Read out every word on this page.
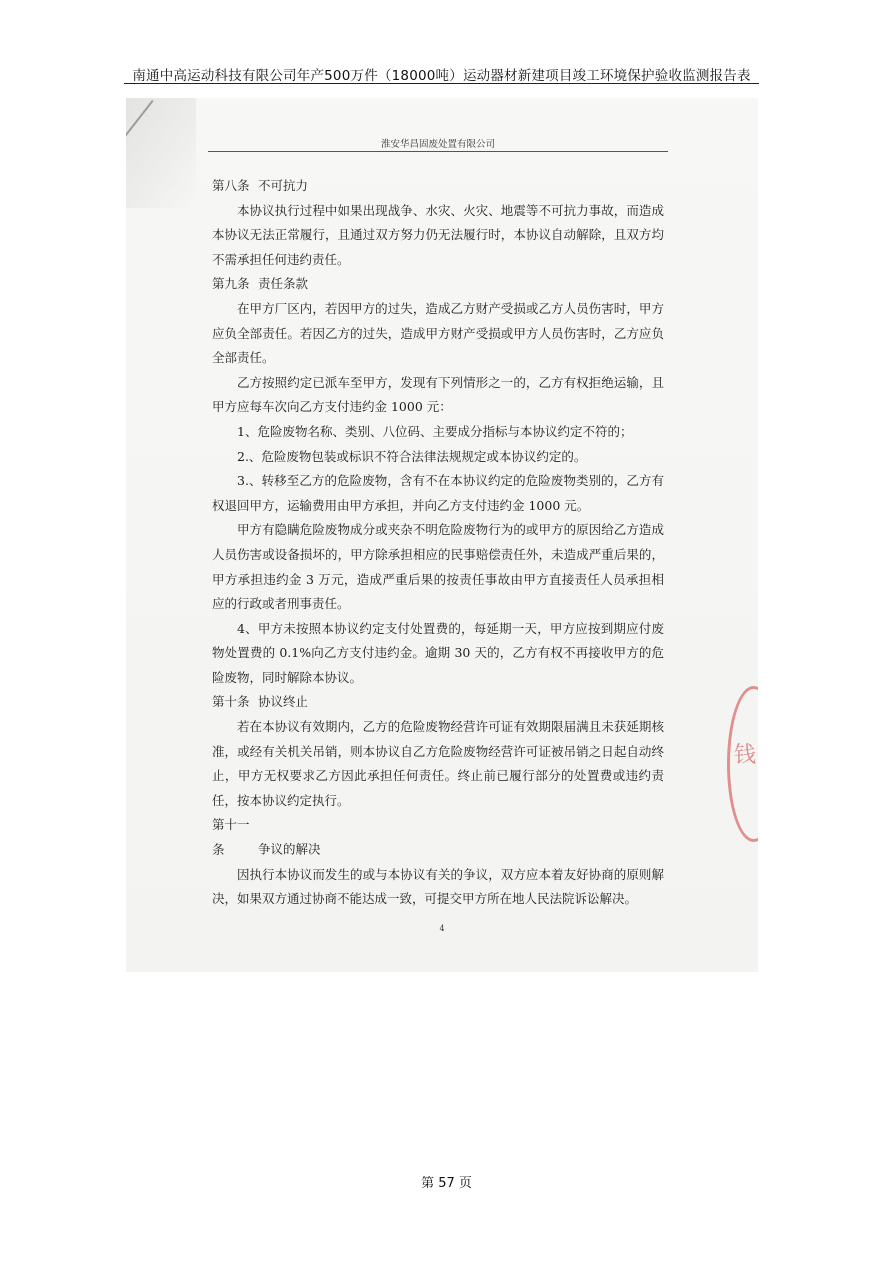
南通中高运动科技有限公司年产500万件（18000吨）运动器材新建项目竣工环境保护验收监测报告表
钱
淮安华昌固废处置有限公司

第八条 不可抗力

本协议执行过程中如果出现战争、水灾、火灾、地震等不可抗力事故，而造成本协议无法正常履行，且通过双方努力仍无法履行时，本协议自动解除，且双方均不需承担任何违约责任。

第九条 责任条款

在甲方厂区内，若因甲方的过失，造成乙方财产受损或乙方人员伤害时，甲方应负全部责任。若因乙方的过失，造成甲方财产受损或甲方人员伤害时，乙方应负全部责任。

乙方按照约定已派车至甲方，发现有下列情形之一的，乙方有权拒绝运输，且甲方应每车次向乙方支付违约金 1000 元：

1、危险废物名称、类别、八位码、主要成分指标与本协议约定不符的；

2.、危险废物包装或标识不符合法律法规规定或本协议约定的。

3.、转移至乙方的危险废物，含有不在本协议约定的危险废物类别的，乙方有权退回甲方，运输费用由甲方承担，并向乙方支付违约金 1000 元。

甲方有隐瞒危险废物成分或夹杂不明危险废物行为的或甲方的原因给乙方造成人员伤害或设备损坏的，甲方除承担相应的民事赔偿责任外，未造成严重后果的，甲方承担违约金 3 万元，造成严重后果的按责任事故由甲方直接责任人员承担相应的行政或者刑事责任。

4、甲方未按照本协议约定支付处置费的，每延期一天，甲方应按到期应付废物处置费的 0.1%向乙方支付违约金。逾期 30 天的，乙方有权不再接收甲方的危险废物，同时解除本协议。

第十条 协议终止

若在本协议有效期内，乙方的危险废物经营许可证有效期限届满且未获延期核准，或经有关机关吊销，则本协议自乙方危险废物经营许可证被吊销之日起自动终止，甲方无权要求乙方因此承担任何责任。终止前已履行部分的处置费或违约责任，按本协议约定执行。

第十一条	争议的解决

因执行本协议而发生的或与本协议有关的争议，双方应本着友好协商的原则解决，如果双方通过协商不能达成一致，可提交甲方所在地人民法院诉讼解决。

4
第 57 页
